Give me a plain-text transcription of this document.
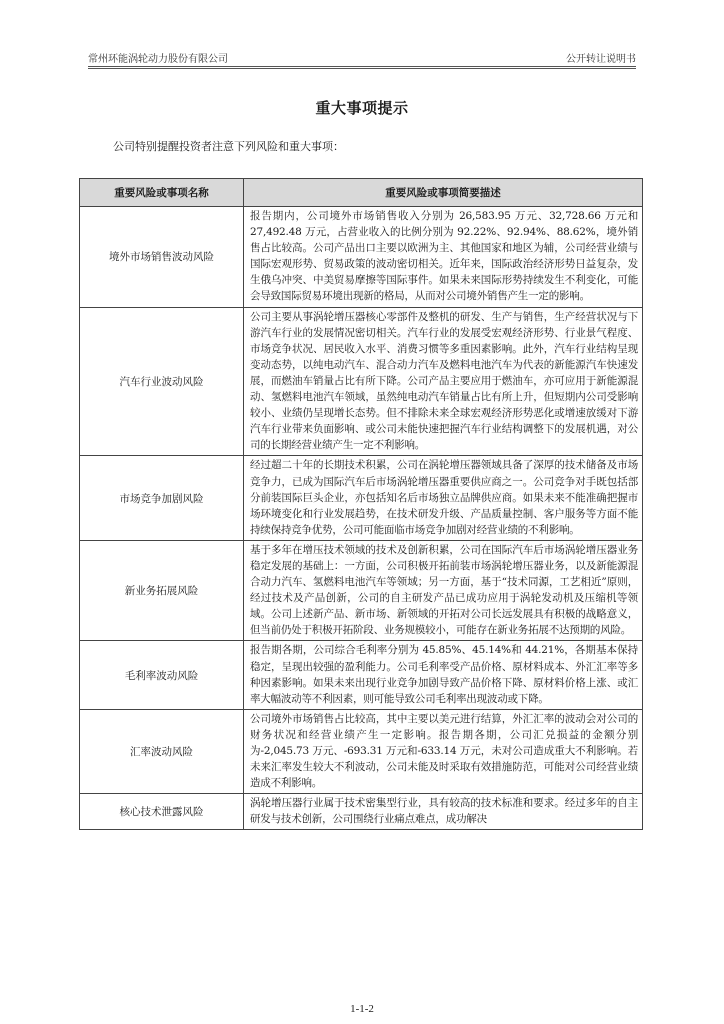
常州环能涡轮动力股份有限公司	公开转让说明书
重大事项提示
公司特别提醒投资者注意下列风险和重大事项：
重要风险或事项名称	重要风险或事项简要描述
境外市场销售波动风险	报告期内，公司境外市场销售收入分别为 26,583.95 万元、32,728.66 万元和 27,492.48 万元，占营业收入的比例分别为 92.22%、92.94%、88.62%，境外销售占比较高。公司产品出口主要以欧洲为主、其他国家和地区为辅，公司经营业绩与国际宏观形势、贸易政策的波动密切相关。近年来，国际政治经济形势日益复杂，发生俄乌冲突、中美贸易摩擦等国际事件。如果未来国际形势持续发生不利变化，可能会导致国际贸易环境出现新的格局，从而对公司境外销售产生一定的影响。
汽车行业波动风险	公司主要从事涡轮增压器核心零部件及整机的研发、生产与销售，生产经营状况与下游汽车行业的发展情况密切相关。汽车行业的发展受宏观经济形势、行业景气程度、市场竞争状况、居民收入水平、消费习惯等多重因素影响。此外，汽车行业结构呈现变动态势，以纯电动汽车、混合动力汽车及燃料电池汽车为代表的新能源汽车快速发展，而燃油车销量占比有所下降。公司产品主要应用于燃油车，亦可应用于新能源混动、氢燃料电池汽车领域，虽然纯电动汽车销量占比有所上升，但短期内公司受影响较小、业绩仍呈现增长态势。但不排除未来全球宏观经济形势恶化或增速放缓对下游汽车行业带来负面影响、或公司未能快速把握汽车行业结构调整下的发展机遇，对公司的长期经营业绩产生一定不利影响。
市场竞争加剧风险	经过超二十年的长期技术积累，公司在涡轮增压器领域具备了深厚的技术储备及市场竞争力，已成为国际汽车后市场涡轮增压器重要供应商之一。公司竞争对手既包括部分前装国际巨头企业，亦包括知名后市场独立品牌供应商。如果未来不能准确把握市场环境变化和行业发展趋势，在技术研发升级、产品质量控制、客户服务等方面不能持续保持竞争优势，公司可能面临市场竞争加剧对经营业绩的不利影响。
新业务拓展风险	基于多年在增压技术领域的技术及创新积累，公司在国际汽车后市场涡轮增压器业务稳定发展的基础上：一方面，公司积极开拓前装市场涡轮增压器业务，以及新能源混合动力汽车、氢燃料电池汽车等领域；另一方面，基于“技术同源，工艺相近”原则，经过技术及产品创新，公司的自主研发产品已成功应用于涡轮发动机及压缩机等领域。公司上述新产品、新市场、新领域的开拓对公司长远发展具有积极的战略意义，但当前仍处于积极开拓阶段、业务规模较小，可能存在新业务拓展不达预期的风险。
毛利率波动风险	报告期各期，公司综合毛利率分别为 45.85%、45.14%和 44.21%，各期基本保持稳定，呈现出较强的盈利能力。公司毛利率受产品价格、原材料成本、外汇汇率等多种因素影响。如果未来出现行业竞争加剧导致产品价格下降、原材料价格上涨、或汇率大幅波动等不利因素，则可能导致公司毛利率出现波动或下降。
汇率波动风险	公司境外市场销售占比较高，其中主要以美元进行结算，外汇汇率的波动会对公司的财务状况和经营业绩产生一定影响。报告期各期，公司汇兑损益的金额分别为-2,045.73 万元、-693.31 万元和-633.14 万元，未对公司造成重大不利影响。若未来汇率发生较大不利波动，公司未能及时采取有效措施防范，可能对公司经营业绩造成不利影响。
核心技术泄露风险	涡轮增压器行业属于技术密集型行业，具有较高的技术标准和要求。经过多年的自主研发与技术创新，公司围绕行业痛点难点，成功解决
1-1-2
